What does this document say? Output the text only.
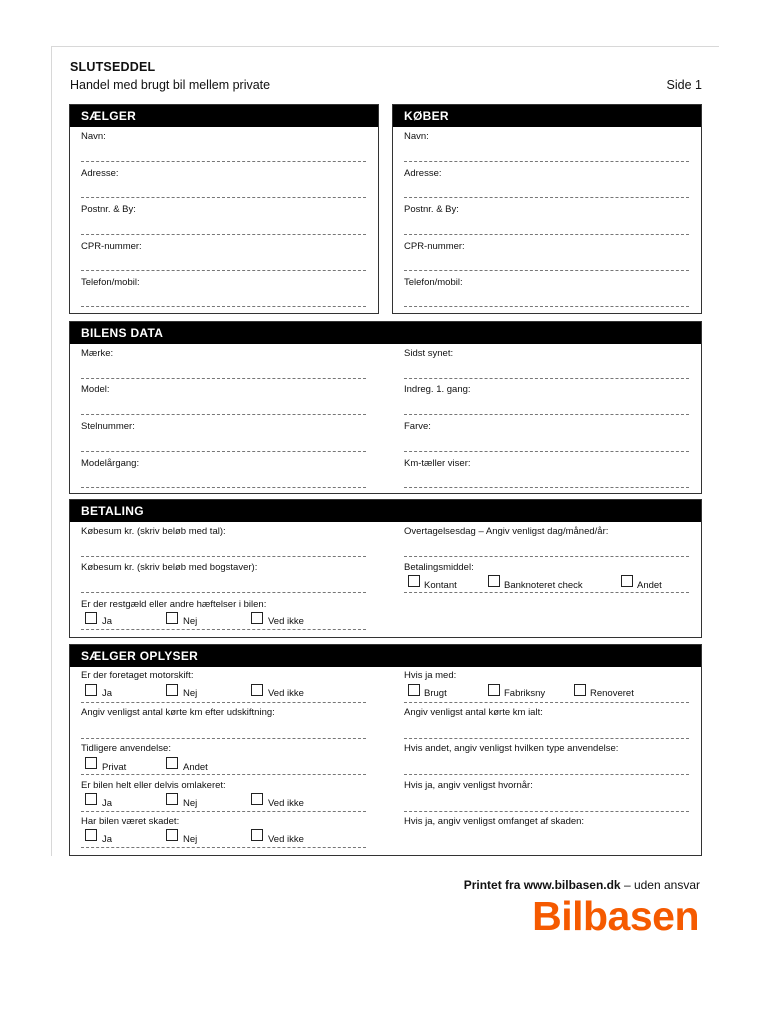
SLUTSEDDEL
Handel med brugt bil mellem private	Side 1
SÆLGER
Navn:
Adresse:
Postnr. & By:
CPR-nummer:
Telefon/mobil:
KØBER
Navn:
Adresse:
Postnr. & By:
CPR-nummer:
Telefon/mobil:
BILENS DATA
Mærke:
Model:
Stelnummer:
Modelårgang:
Sidst synet:
Indreg. 1. gang:
Farve:
Km-tæller viser:
BETALING
Købesum kr. (skriv beløb med tal):
Købesum kr. (skriv beløb med bogstaver):
Er der restgæld eller andre hæftelser i bilen:
Ja	Nej	Ved ikke
Overtagelsesdag – Angiv venligst dag/måned/år:
Betalingsmiddel:
Kontant	Banknoteret check	Andet
SÆLGER OPLYSER
Er der foretaget motorskift:
Ja	Nej	Ved ikke
Hvis ja med:
Brugt	Fabriksny	Renoveret
Angiv venligst antal kørte km efter udskiftning:	Angiv venligst antal kørte km ialt:
Tidligere anvendelse:
Privat	Andet
Hvis andet, angiv venligst hvilken type anvendelse:
Er bilen helt eller delvis omlakeret:
Ja	Nej	Ved ikke
Hvis ja, angiv venligst hvornår:
Har bilen været skadet:
Ja	Nej	Ved ikke
Hvis ja, angiv venligst omfanget af skaden:
Printet fra www.bilbasen.dk – uden ansvar
Bilbasen
